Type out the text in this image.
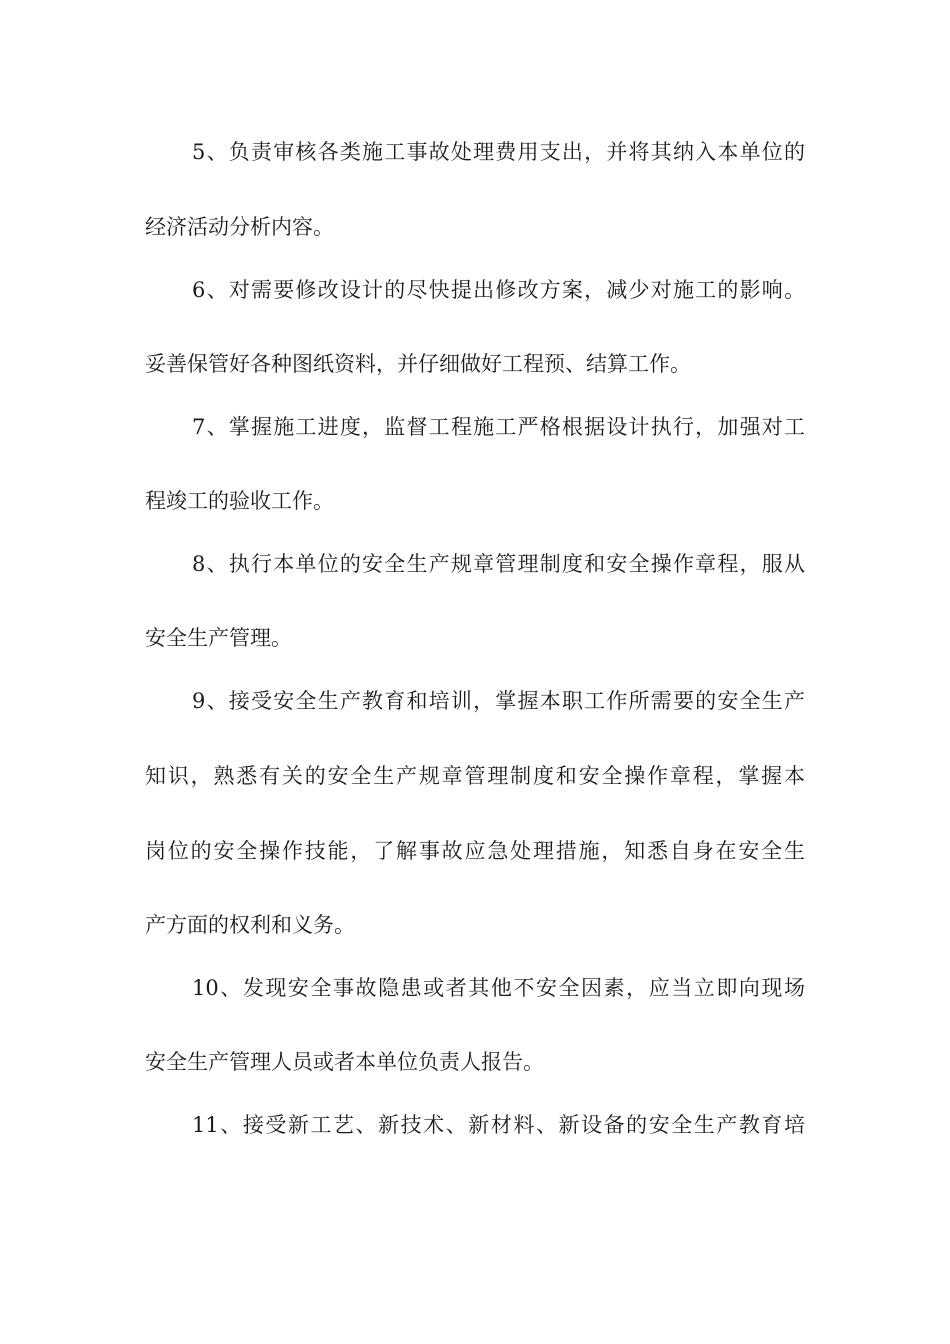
5、负责审核各类施工事故处理费用支出，并将其纳入本单位的
经济活动分析内容。
6、对需要修改设计的尽快提出修改方案，减少对施工的影响。
妥善保管好各种图纸资料，并仔细做好工程预、结算工作。
7、掌握施工进度，监督工程施工严格根据设计执行，加强对工
程竣工的验收工作。
8、执行本单位的安全生产规章管理制度和安全操作章程，服从
安全生产管理。
9、接受安全生产教育和培训，掌握本职工作所需要的安全生产
知识，熟悉有关的安全生产规章管理制度和安全操作章程，掌握本
岗位的安全操作技能，了解事故应急处理措施，知悉自身在安全生
产方面的权利和义务。
10、发现安全事故隐患或者其他不安全因素，应当立即向现场
安全生产管理人员或者本单位负责人报告。
11、接受新工艺、新技术、新材料、新设备的安全生产教育培
